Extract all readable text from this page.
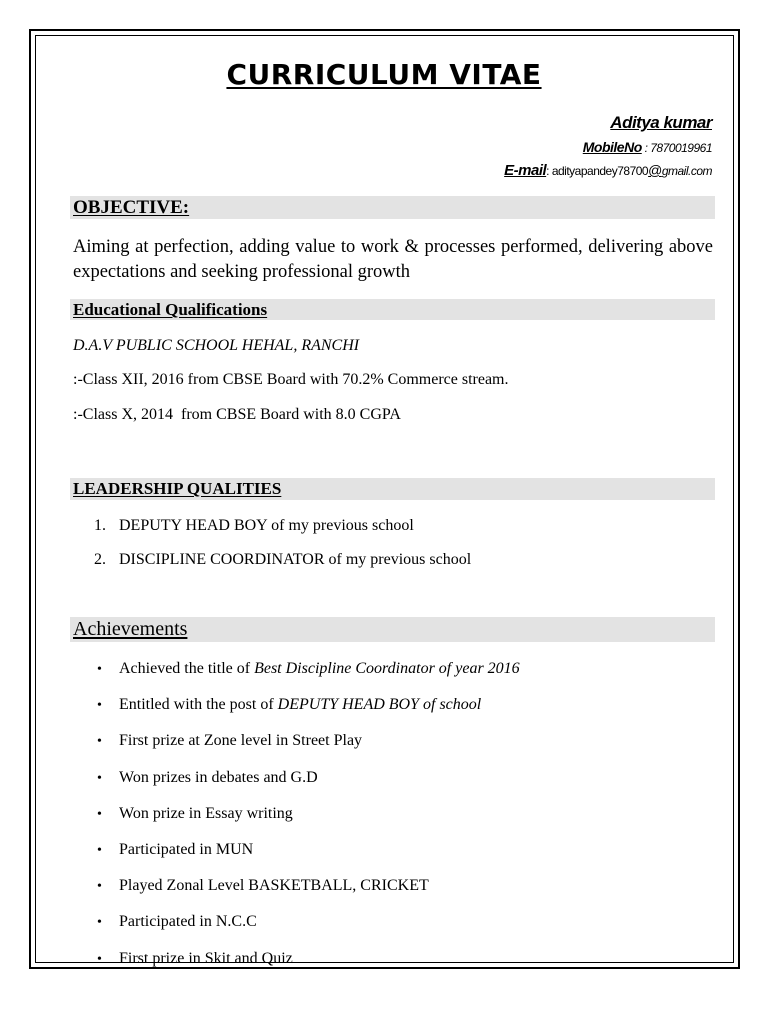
CURRICULUM VITAE
Aditya kumar
MobileNo : 7870019961
E-mail: adityapandey78700@gmail.com
OBJECTIVE:
Aiming at perfection, adding value to work & processes performed, delivering above expectations and seeking professional growth
Educational Qualifications
D.A.V PUBLIC SCHOOL HEHAL, RANCHI
:-Class XII, 2016 from CBSE Board with 70.2% Commerce stream.
:-Class X, 2014  from CBSE Board with 8.0 CGPA
LEADERSHIP QUALITIES
1. DEPUTY HEAD BOY of my previous school
2. DISCIPLINE COORDINATOR of my previous school
Achievements
• Achieved the title of Best Discipline Coordinator of year 2016
• Entitled with the post of DEPUTY HEAD BOY of school
• First prize at Zone level in Street Play
• Won prizes in debates and G.D
• Won prize in Essay writing
• Participated in MUN
• Played Zonal Level BASKETBALL, CRICKET
• Participated in N.C.C
• First prize in Skit and Quiz
